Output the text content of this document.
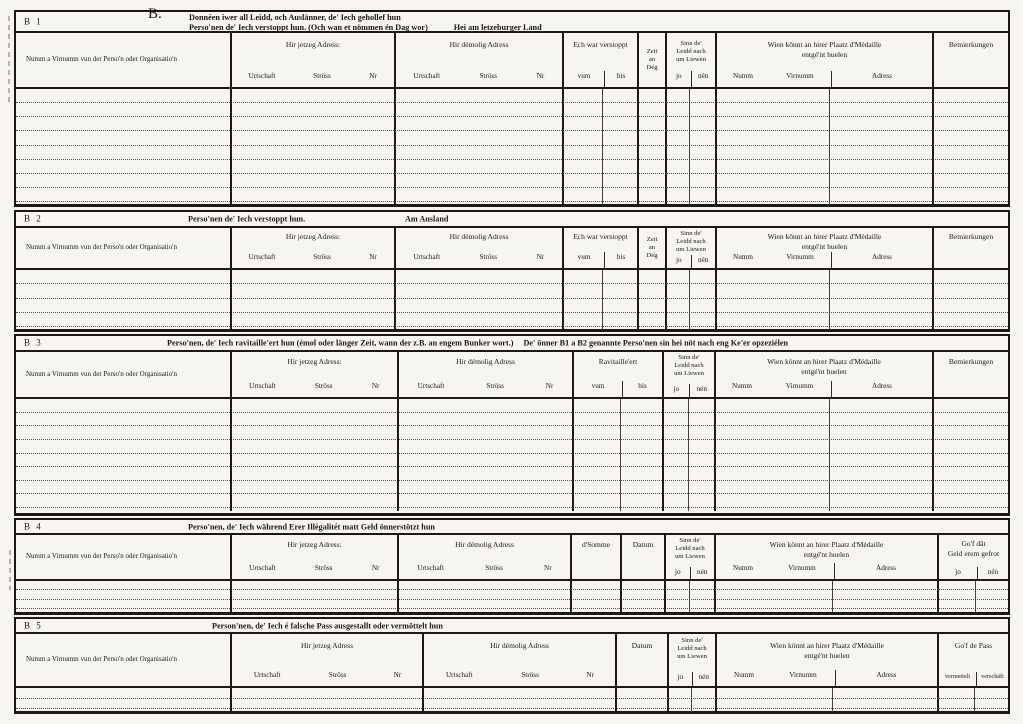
B 1	B.	Donnéen iwer all Leidd, och Auslänner, de' Iech gehollef hun
Perso'nen de' Iech verstoppt hun. (Och wan et nömmen én Dag wor)	Hei am letzeburger Land
Numm a Virnumm vun der Perso'n oder Organisatio'n
Hir jetzeg Adress:
Urtschaft	Ströss	Nr
Hir démolig Adress
Urtschaft	Ströss	Nr
Ech war verstoppt
vum	bis
Zeit
an
Dég
Sinn de'
Leidd nach
um Liewen
jo	nén
Wien könnt an hirer Plaatz d'Médaille
entgé'nt huelen
Numm	Virnumm	Adress
Bemierkungen
B 2	Perso'nen de' Iech verstoppt hun.	Am Ausland
Numm a Virnumm vun der Perso'n oder Organisatio'n
Hir jetzeg Adress:
Urtschaft	Ströss	Nr
Hir démolig Adress
Urtschaft	Ströss	Nr
Ech war verstoppt
vum	bis
Zeit
an
Dég
Sinn de'
Leidd nach
um Liewen
jo	nén
Wien könnt an hirer Plaatz d'Médaille
entgé'nt huelen
Numm	Virnumm	Adress
Bemierkungen
B 3	Perso'nen, de' Iech ravitaille'ert hun (émol oder länger Zeit, wann der z.B. an engem Bunker wort.) De' önner B1 a B2 genannte Perso'nen sin hei nöt nach eng Ke'er opzeziélen
Numm a Virnumm vun der Perso'n oder Organisatio'n
Hir jetzeg Adress:
Urtschaft	Ströss	Nr
Hir démolig Adress
Urtschaft	Ströss	Nr
Ravitaille'ert
vum	bis
Sinn de'
Leidd nach
um Liewen
jo	nén
Wien könnt an hirer Plaatz d'Médaille
entgé'nt huelen
Numm	Virnumm	Adress
Bemierkungen
B 4	Perso'nen, de' Iech während Erer Illégalitét matt Geld önnerstötzt hun
Numm a Virnumm vun der Perso'n oder Organisatio'n
Hir jetzeg Adress:
Urtschaft	Ströss	Nr
Hir démolig Adress
Urtschaft	Ströss	Nr
d'Somme	Datum	Sinn de'
Leidd nach
um Liewen
jo	nén
Wien könnt an hirer Plaatz d'Médaille
entgé'nt huelen
Numm	Virnumm	Adress
Go'f dât
Geld erem gefrot
jo	nén
B 5	Person'nen, de' Iech é falsche Pass ausgestallt oder vermöttelt hun
Numm a Virnumm vun der Perso'n oder Organisatio'n
Hir jetzeg Adress
Urtschaft	Ströss	Nr
Hir démolig Adress
Urtschaft	Ströss	Nr
Datum
Sinn de'
Leidd nach
um Liewen
jo	nén
Wien könnt an hirer Plaatz d'Médaille
entgé'nt huelen
Numm	Virnumm	Adress
Go'f de Pass
vermettelt	verschäft
